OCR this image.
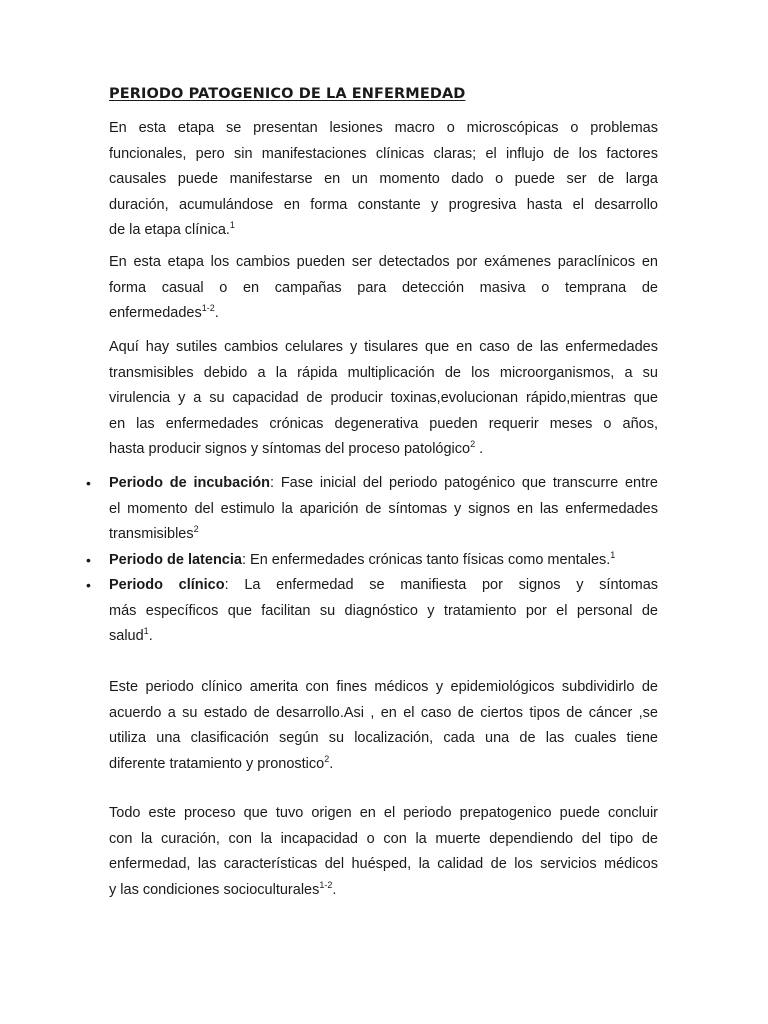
PERIODO PATOGENICO DE LA ENFERMEDAD

En esta etapa se presentan lesiones macro o microscópicas o problemas
funcionales, pero sin manifestaciones clínicas claras; el influjo de los factores
causales puede manifestarse en un momento dado o puede ser de larga
duración, acumulándose en forma constante y progresiva hasta el desarrollo
de la etapa clínica.$^1$

En esta etapa los cambios pueden ser detectados por exámenes paraclínicos en
forma casual o en campañas para detección masiva o temprana de
enfermedades$^{1-2}$.

Aquí hay sutiles cambios celulares y tisulares que en caso de las enfermedades
transmisibles debido a la rápida multiplicación de los microorganismos, a su
virulencia y a su capacidad de producir toxinas,evolucionan rápido,mientras que
en las enfermedades crónicas degenerativa pueden requerir meses o años,
hasta producir signos y síntomas del proceso patológico$^2$ .

• Periodo de incubación: Fase inicial del periodo patogénico que transcurre entre
el momento del estimulo la aparición de síntomas y signos en las enfermedades
transmisibles$^2$
• Periodo de latencia: En enfermedades crónicas tanto físicas como mentales.$^1$
• Periodo clínico: La enfermedad se manifiesta por signos y síntomas
más específicos que facilitan su diagnóstico y tratamiento por el personal de
salud$^1$.

Este periodo clínico amerita con fines médicos y epidemiológicos subdividirlo de
acuerdo a su estado de desarrollo.Asi , en el caso de ciertos tipos de cáncer ,se
utiliza una clasificación según su localización, cada una de las cuales tiene
diferente tratamiento y pronostico$^2$.

Todo este proceso que tuvo origen en el periodo prepatogenico puede concluir
con la curación, con la incapacidad o con la muerte dependiendo del tipo de
enfermedad, las características del huésped, la calidad de los servicios médicos
y las condiciones socioculturales$^{1-2}$.
